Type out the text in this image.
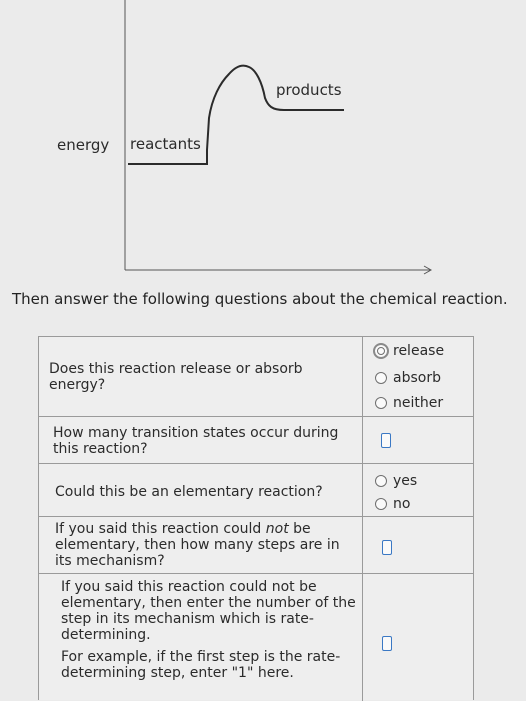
energy reactants
products
Then answer the following questions about the chemical reaction.
Does this reaction release or absorb
energy?
release
absorb
neither
How many transition states occur during
this reaction?
Could this be an elementary reaction?
yes
no
If you said this reaction could not be
elementary, then how many steps are in
its mechanism?
If you said this reaction could not be
elementary, then enter the number of the
step in its mechanism which is rate-
determining.
For example, if the first step is the rate-
determining step, enter "1" here.
